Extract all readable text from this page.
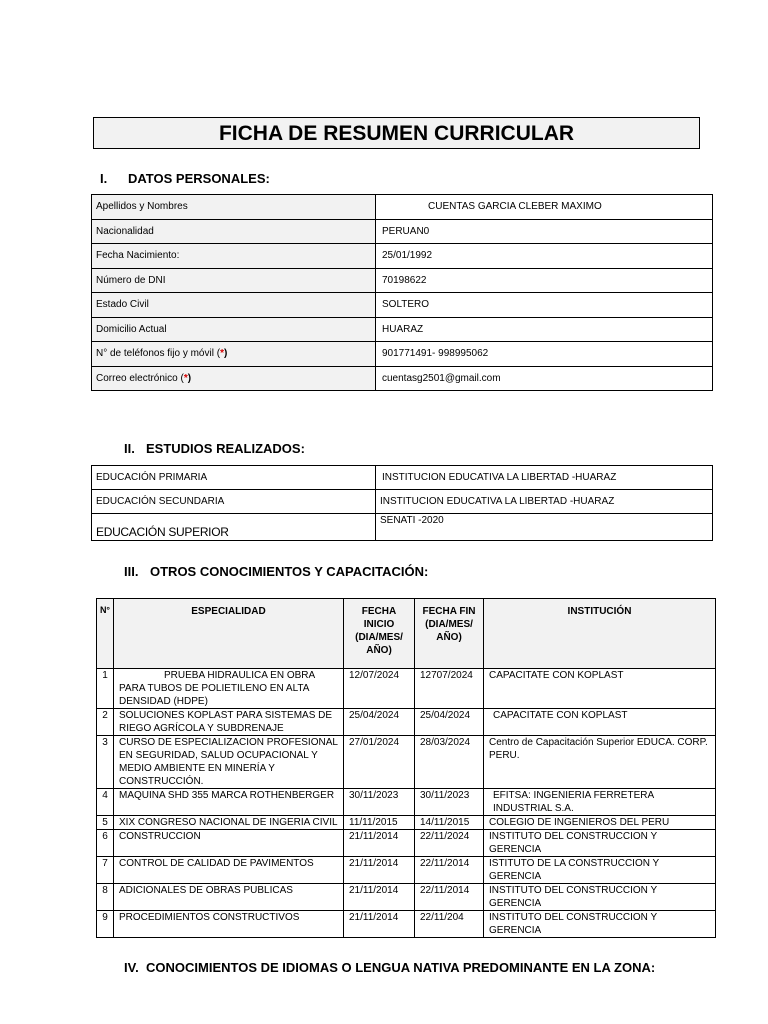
FICHA DE RESUMEN CURRICULAR
I. DATOS PERSONALES:
Apellidos y Nombres	CUENTAS GARCIA CLEBER MAXIMO
Nacionalidad	PERUAN0
Fecha Nacimiento:	25/01/1992
Número de DNI	70198622
Estado Civil	SOLTERO
Domicilio Actual	HUARAZ
N° de teléfonos fijo y móvil (*)	901771491- 998995062
Correo electrónico (*)	cuentasg2501@gmail.com
II. ESTUDIOS REALIZADOS:
EDUCACIÓN PRIMARIA	INSTITUCION EDUCATIVA LA LIBERTAD -HUARAZ
EDUCACIÓN SECUNDARIA	INSTITUCION EDUCATIVA LA LIBERTAD -HUARAZ
EDUCACIÓN SUPERIOR	SENATI -2020
III. OTROS CONOCIMIENTOS Y CAPACITACIÓN:
N°	ESPECIALIDAD	FECHA INICIO (DIA/MES/ AÑO)	FECHA FIN (DIA/MES/ AÑO)	INSTITUCIÓN
1	PRUEBA HIDRAULICA EN OBRA PARA TUBOS DE POLIETILENO EN ALTA DENSIDAD (HDPE)	12/07/2024	12707/2024	CAPACITATE CON KOPLAST
2	SOLUCIONES KOPLAST PARA SISTEMAS DE RIEGO AGRÍCOLA Y SUBDRENAJE	25/04/2024	25/04/2024	CAPACITATE CON KOPLAST
3	CURSO DE ESPECIALIZACION PROFESIONAL EN SEGURIDAD, SALUD OCUPACIONAL Y MEDIO AMBIENTE EN MINERÍA Y CONSTRUCCIÓN.	27/01/2024	28/03/2024	Centro de Capacitación Superior EDUCA. CORP. PERU.
4	MAQUINA SHD 355 MARCA ROTHENBERGER	30/11/2023	30/11/2023	EFITSA: INGENIERIA FERRETERA INDUSTRIAL S.A.
5	XIX CONGRESO NACIONAL DE INGERIA CIVIL	11/11/2015	14/11/2015	COLEGIO DE INGENIEROS DEL PERU
6	CONSTRUCCION	21/11/2014	22/11/2024	INSTITUTO DEL CONSTRUCCION Y GERENCIA
7	CONTROL DE CALIDAD DE PAVIMENTOS	21/11/2014	22/11/2014	ISTITUTO DE LA CONSTRUCCION Y GERENCIA
8	ADICIONALES DE OBRAS PUBLICAS	21/11/2014	22/11/2014	INSTITUTO DEL CONSTRUCCION Y GERENCIA
9	PROCEDIMIENTOS CONSTRUCTIVOS	21/11/2014	22/11/204	INSTITUTO DEL CONSTRUCCION Y GERENCIA
IV. CONOCIMIENTOS DE IDIOMAS O LENGUA NATIVA PREDOMINANTE EN LA ZONA:
